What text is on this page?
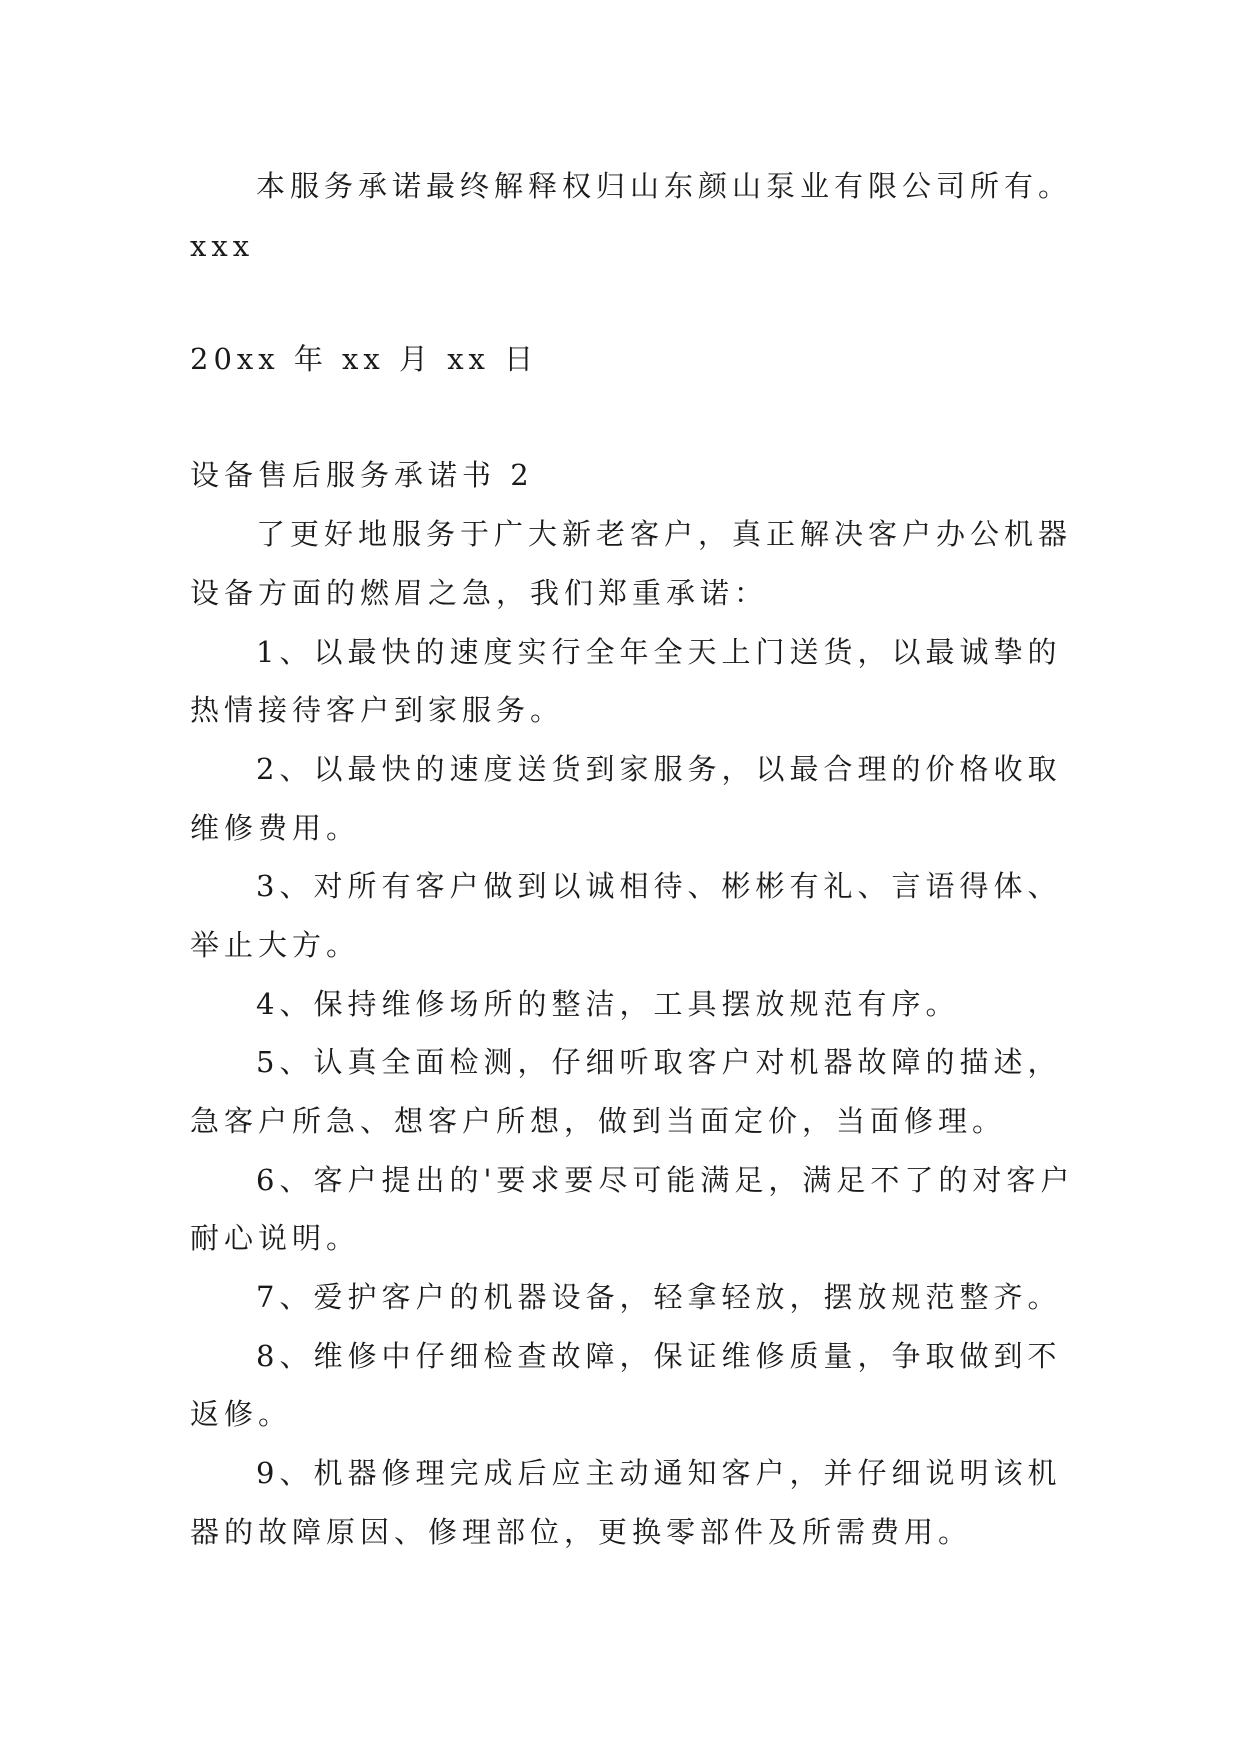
本服务承诺最终解释权归山东颜山泵业有限公司所有。
xxx
20xx 年 xx 月 xx 日
设备售后服务承诺书 2
了更好地服务于广大新老客户，真正解决客户办公机器
设备方面的燃眉之急，我们郑重承诺：
1、以最快的速度实行全年全天上门送货，以最诚挚的
热情接待客户到家服务。
2、以最快的速度送货到家服务，以最合理的价格收取
维修费用。
3、对所有客户做到以诚相待、彬彬有礼、言语得体、
举止大方。
4、保持维修场所的整洁，工具摆放规范有序。
5、认真全面检测，仔细听取客户对机器故障的描述，
急客户所急、想客户所想，做到当面定价，当面修理。
6、客户提出的'要求要尽可能满足，满足不了的对客户
耐心说明。
7、爱护客户的机器设备，轻拿轻放，摆放规范整齐。
8、维修中仔细检查故障，保证维修质量，争取做到不
返修。
9、机器修理完成后应主动通知客户，并仔细说明该机
器的故障原因、修理部位，更换零部件及所需费用。
